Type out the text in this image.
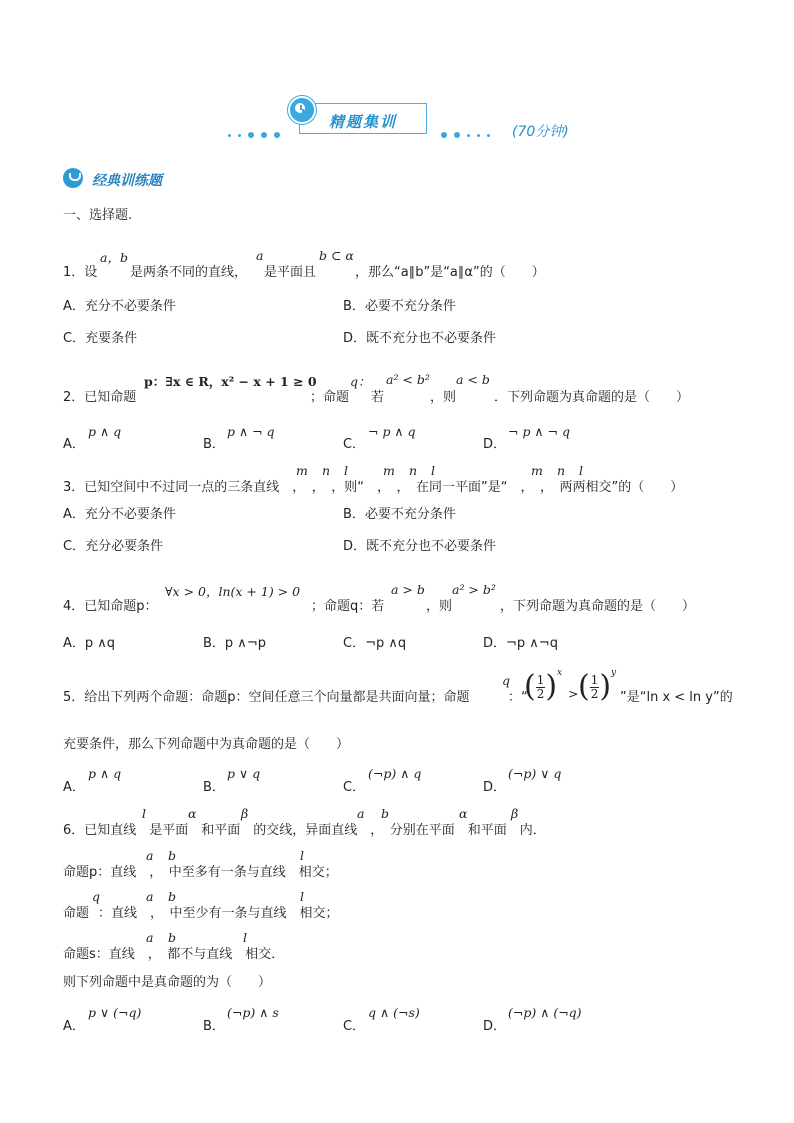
精题集训
(70分钟)
经典训练题
一、选择题.
1．设
a，b
是两条不同的直线，
a
是平面且
b ⊂ α
，那么“a∥b”是“a∥α”的（　　）
A．充分不必要条件	B．必要不充分条件
C．充要条件	D．既不充分也不必要条件
2．已知命题
p：∃x ∈ R，x² − x + 1 ≥ 0
；命题
q：
若
a² < b²
，则
a < b
．下列命题为真命题的是（　　）
A．
p ∧ q
B．
p ∧ ¬ q
C．
¬ p ∧ q
D．
¬ p ∧ ¬ q
3．已知空间中不过同一点的三条直线　，　，　，则“　，　，　在同一平面”是“　，　，　两两相交”的（　　）
m n l	m n l	m n l
A．充分不必要条件	B．必要不充分条件
C．充分必要条件	D．既不充分也不必要条件
4．已知命题p：
∀x > 0，ln(x + 1) > 0
；命题q：若
a > b
，则
a² > b²
，下列命题为真命题的是（　　）
A．p ∧q	B．p ∧¬p	C．¬p ∧q	D．¬p ∧¬q
5．给出下列两个命题：命题p：空间任意三个向量都是共面向量；命题
q
：“
( $\frac{1}{2}$) x
> ( $\frac{1}{2}$) y
”是“ln x < ln y”的
充要条件，那么下列命题中为真命题的是（　　）
A．
p ∧ q
B．
p ∨ q
C．
(¬p) ∧ q
D．
(¬p) ∨ q
6．已知直线　是平面　和平面　的交线，异面直线　，　分别在平面　和平面　内．
l	α	β	a b	α	β
命题p：直线　，　中至多有一条与直线　相交；
a b	l
命题
q
：直线　，　中至少有一条与直线　相交；
a b	l
命题s：直线　，　都不与直线　相交．
a b	l
则下列命题中是真命题的为（　　）
A．
p ∨ (¬q)
B．
(¬p) ∧ s
C．
q ∧ (¬s)
D．
(¬p) ∧ (¬q)
